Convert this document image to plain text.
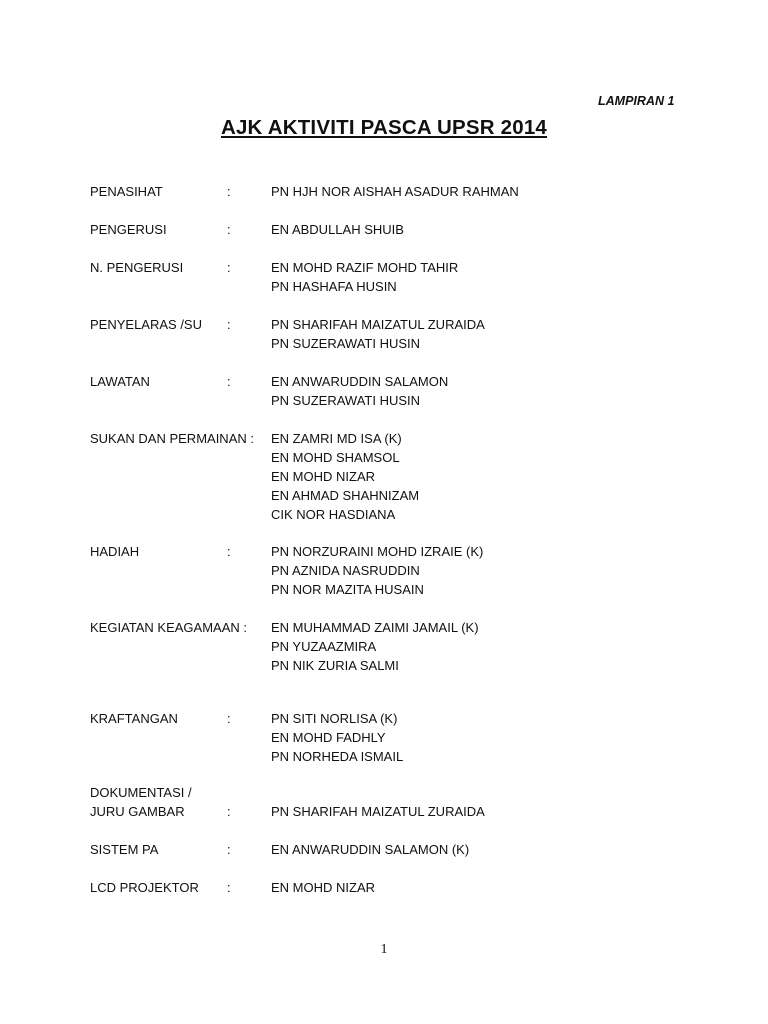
LAMPIRAN 1
AJK AKTIVITI PASCA UPSR 2014
PENASIHAT	:	PN HJH NOR AISHAH ASADUR RAHMAN
PENGERUSI	:	EN ABDULLAH SHUIB
N. PENGERUSI	:	EN MOHD RAZIF MOHD TAHIR
PN HASHAFA HUSIN
PENYELARAS /SU	:	PN SHARIFAH MAIZATUL ZURAIDA
PN SUZERAWATI HUSIN
LAWATAN	:	EN ANWARUDDIN SALAMON
PN SUZERAWATI HUSIN
SUKAN DAN PERMAINAN :	EN ZAMRI MD ISA (K)
EN MOHD SHAMSOL
EN MOHD NIZAR
EN AHMAD SHAHNIZAM
CIK NOR HASDIANA
HADIAH	:	PN NORZURAINI MOHD IZRAIE (K)
PN AZNIDA NASRUDDIN
PN NOR MAZITA HUSAIN
KEGIATAN KEAGAMAAN :	EN MUHAMMAD ZAIMI JAMAIL (K)
PN YUZAAZMIRA
PN NIK ZURIA SALMI
KRAFTANGAN	:	PN SITI NORLISA (K)
EN MOHD FADHLY
PN NORHEDA ISMAIL
DOKUMENTASI /
JURU GAMBAR	:	PN SHARIFAH MAIZATUL ZURAIDA
SISTEM PA	:	EN ANWARUDDIN SALAMON (K)
LCD PROJEKTOR	:	EN MOHD NIZAR
1
